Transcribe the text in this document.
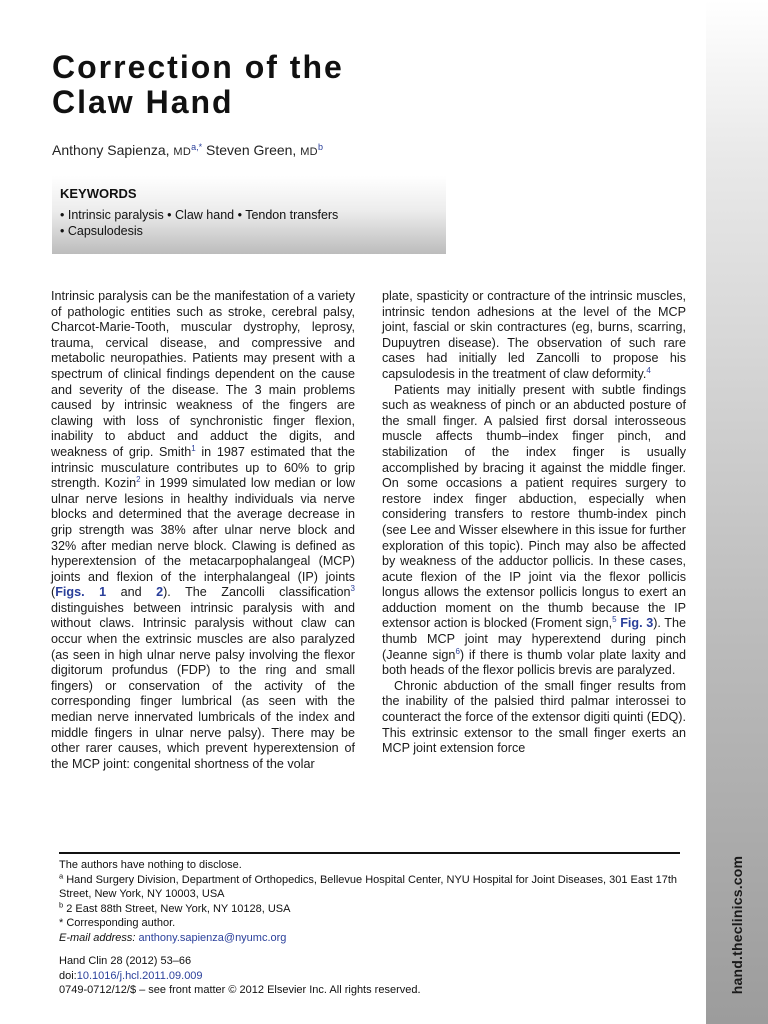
hand.theclinics.com
Correction of the
Claw Hand
Anthony Sapienza, MD$^{a,*}$ Steven Green, MD$^b$
KEYWORDS
• Intrinsic paralysis • Claw hand • Tendon transfers
• Capsulodesis

Intrinsic paralysis can be the manifestation of a variety of pathologic entities such as stroke, cerebral palsy, Charcot-Marie-Tooth, muscular dystrophy, leprosy, trauma, cervical disease, and compressive and metabolic neuropathies. Patients may present with a spectrum of clinical findings dependent on the cause and severity of the disease. The 3 main problems caused by intrinsic weakness of the fingers are clawing with loss of synchronistic finger flexion, inability to abduct and adduct the digits, and weakness of grip. Smith$^1$ in 1987 estimated that the intrinsic musculature contributes up to 60% to grip strength. Kozin$^2$ in 1999 simulated low median or low ulnar nerve lesions in healthy individuals via nerve blocks and determined that the average decrease in grip strength was 38% after ulnar nerve block and 32% after median nerve block. Clawing is defined as hyperextension of the metacarpophalangeal (MCP) joints and flexion of the interphalangeal (IP) joints (Figs. 1 and 2). The Zancolli classification$^3$ distinguishes between intrinsic paralysis with and without claws. Intrinsic paralysis without claw can occur when the extrinsic muscles are also paralyzed (as seen in high ulnar nerve palsy involving the flexor digitorum profundus (FDP) to the ring and small fingers) or conservation of the activity of the corresponding finger lumbrical (as seen with the median nerve innervated lumbricals of the index and middle fingers in ulnar nerve palsy). There may be other rarer causes, which prevent hyperextension of the MCP joint: congenital shortness of the volar

plate, spasticity or contracture of the intrinsic muscles, intrinsic tendon adhesions at the level of the MCP joint, fascial or skin contractures (eg, burns, scarring, Dupuytren disease). The observation of such rare cases had initially led Zancolli to propose his capsulodesis in the treatment of claw deformity.$^4$

Patients may initially present with subtle findings such as weakness of pinch or an abducted posture of the small finger. A palsied first dorsal interosseous muscle affects thumb–index finger pinch, and stabilization of the index finger is usually accomplished by bracing it against the middle finger. On some occasions a patient requires surgery to restore index finger abduction, especially when considering transfers to restore thumb-index pinch (see Lee and Wisser elsewhere in this issue for further exploration of this topic). Pinch may also be affected by weakness of the adductor pollicis. In these cases, acute flexion of the IP joint via the flexor pollicis longus allows the extensor pollicis longus to exert an adduction moment on the thumb because the IP extensor action is blocked (Froment sign,$^5$ Fig. 3). The thumb MCP joint may hyperextend during pinch (Jeanne sign$^6$) if there is thumb volar plate laxity and both heads of the flexor pollicis brevis are paralyzed.

Chronic abduction of the small finger results from the inability of the palsied third palmar interossei to counteract the force of the extensor digiti quinti (EDQ). This extrinsic extensor to the small finger exerts an MCP joint extension force

The authors have nothing to disclose.

$^a$ Hand Surgery Division, Department of Orthopedics, Bellevue Hospital Center, NYU Hospital for Joint Diseases, 301 East 17th Street, New York, NY 10003, USA

$^b$ 2 East 88th Street, New York, NY 10128, USA

* Corresponding author.

E-mail address: anthony.sapienza@nyumc.org

Hand Clin 28 (2012) 53–66

doi:10.1016/j.hcl.2011.09.009

0749-0712/12/$ – see front matter © 2012 Elsevier Inc. All rights reserved.
